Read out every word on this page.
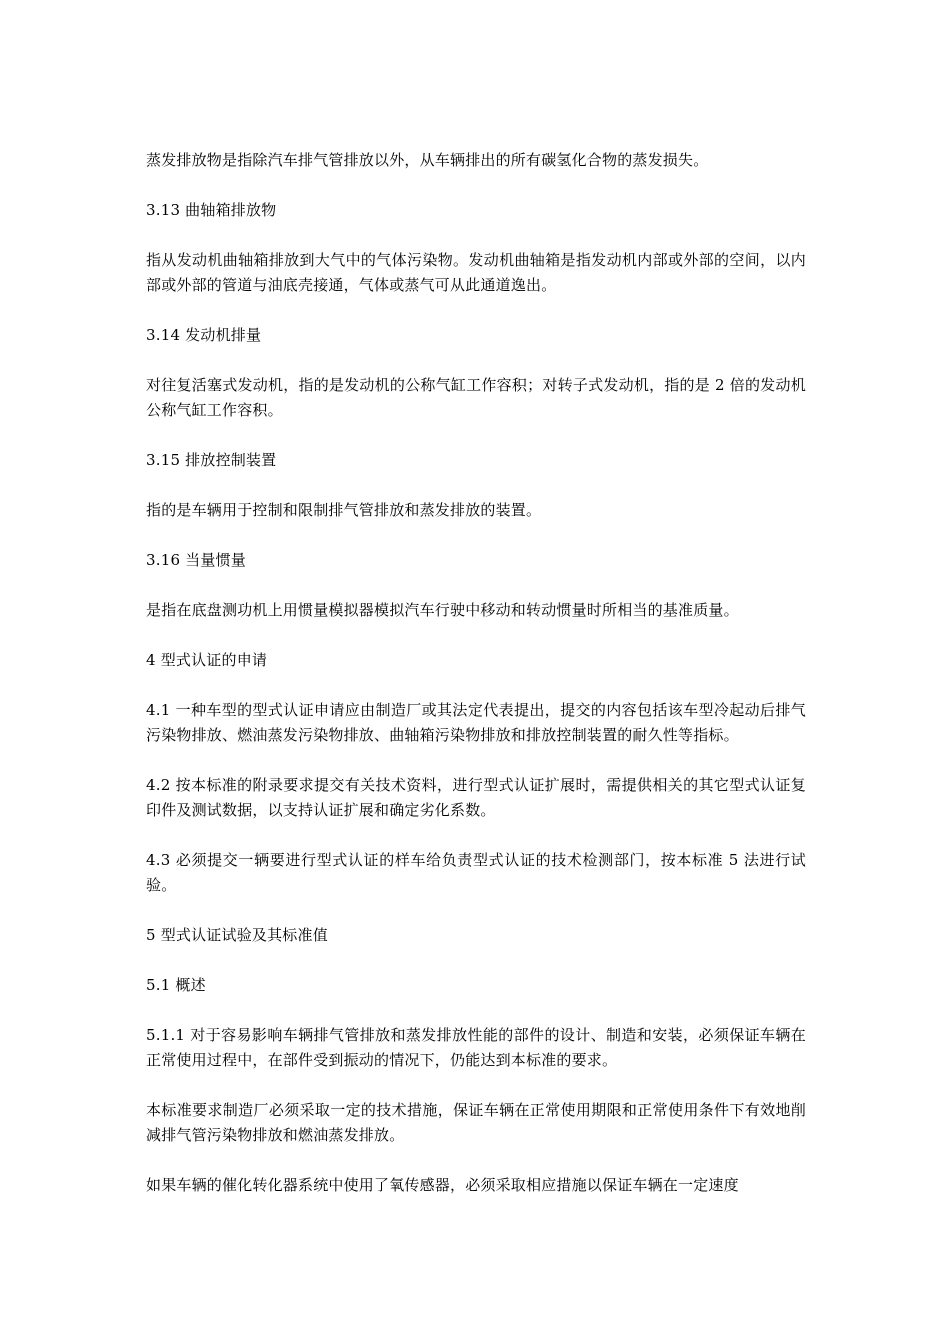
蒸发排放物是指除汽车排气管排放以外，从车辆排出的所有碳氢化合物的蒸发损失。

3.13 曲轴箱排放物

指从发动机曲轴箱排放到大气中的气体污染物。发动机曲轴箱是指发动机内部或外部的空间，以内部或外部的管道与油底壳接通，气体或蒸气可从此通道逸出。

3.14 发动机排量

对往复活塞式发动机，指的是发动机的公称气缸工作容积；对转子式发动机，指的是 2 倍的发动机公称气缸工作容积。

3.15 排放控制装置

指的是车辆用于控制和限制排气管排放和蒸发排放的装置。

3.16 当量惯量

是指在底盘测功机上用惯量模拟器模拟汽车行驶中移动和转动惯量时所相当的基准质量。

4 型式认证的申请

4.1 一种车型的型式认证申请应由制造厂或其法定代表提出，提交的内容包括该车型冷起动后排气污染物排放、燃油蒸发污染物排放、曲轴箱污染物排放和排放控制装置的耐久性等指标。

4.2 按本标准的附录要求提交有关技术资料，进行型式认证扩展时，需提供相关的其它型式认证复印件及测试数据，以支持认证扩展和确定劣化系数。

4.3 必须提交一辆要进行型式认证的样车给负责型式认证的技术检测部门，按本标准 5 法进行试验。

5 型式认证试验及其标准值

5.1 概述

5.1.1 对于容易影响车辆排气管排放和蒸发排放性能的部件的设计、制造和安装，必须保证车辆在正常使用过程中，在部件受到振动的情况下，仍能达到本标准的要求。

本标准要求制造厂必须采取一定的技术措施，保证车辆在正常使用期限和正常使用条件下有效地削减排气管污染物排放和燃油蒸发排放。

如果车辆的催化转化器系统中使用了氧传感器，必须采取相应措施以保证车辆在一定速度
